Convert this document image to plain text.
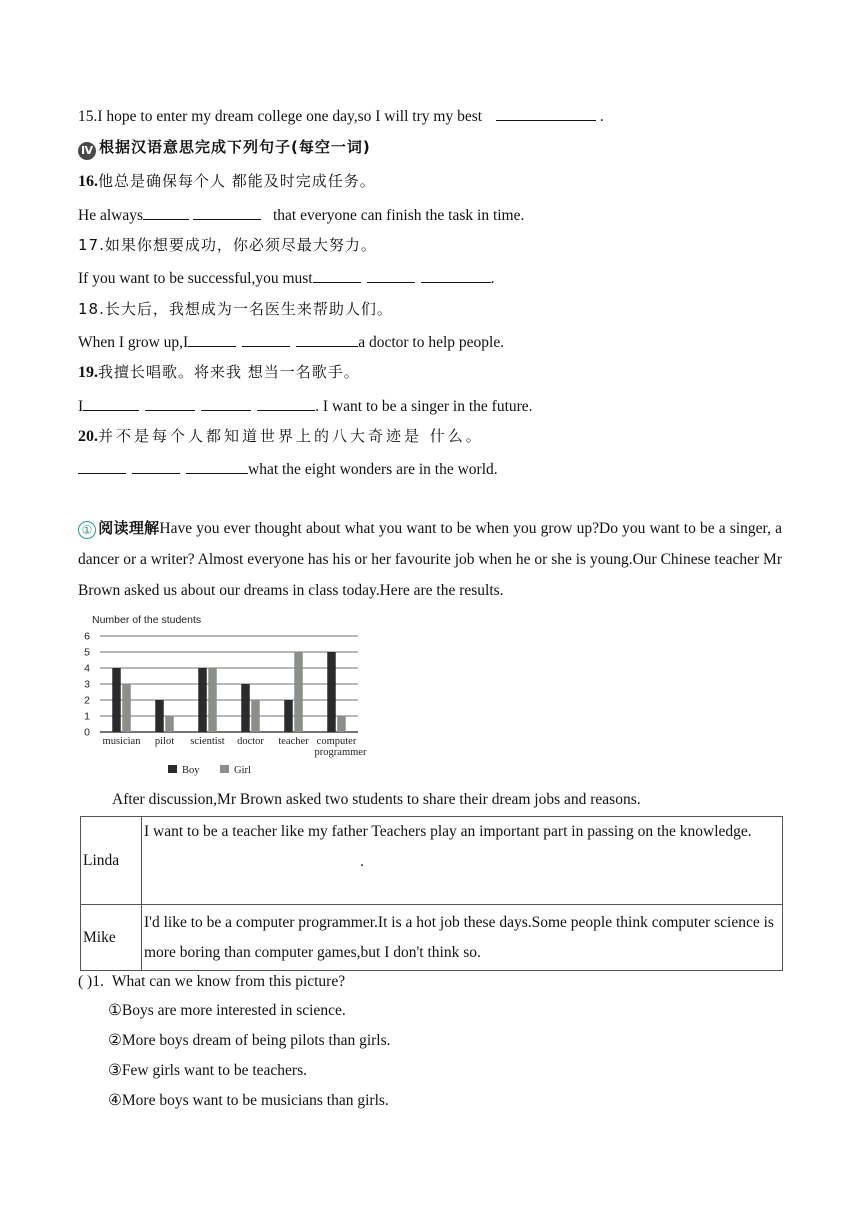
15.I hope to enter my dream college one day,so I will try my best	.
Ⅳ 根据汉语意思完成下列句子(每空一词)
16.他总是确保每个人 都能及时完成任务。
He always	that everyone can finish the task in time.
17.如果你想要成功，你必须尽最大努力。
If you want to be successful,you must	.
18.长大后，我想成为一名医生来帮助人们。
When I grow up,I	a doctor to help people.
19.我擅长唱歌。将来我 想当一名歌手。
I	. I want to be a singer in the future.
20.并不是每个人都知道世界上的八大奇迹是 什么。
what the eight wonders are in the world.
① 阅读理解Have you ever thought about what you want to be when you grow up?Do you want to be a singer, a dancer or a writer? Almost everyone has his or her favourite job when he or she is young.Our Chinese teacher Mr Brown asked us about our dreams in class today.Here are the results.
Number of the students
0
1
2
3
4
5
6
musician pilot scientist doctor teacher computer
programmer
Boy	Girl
After discussion,Mr Brown asked two students to share their dream jobs and reasons.
Linda	I want to be a teacher like my father Teachers play an important part in passing on the knowledge..
Mike	I'd like to be a computer programmer.It is a hot job these days.Some people think computer science is more boring than computer games,but I don't think so.
( )1. What can we know from this picture?
①Boys are more interested in science.
②More boys dream of being pilots than girls.
③Few girls want to be teachers.
④More boys want to be musicians than girls.
